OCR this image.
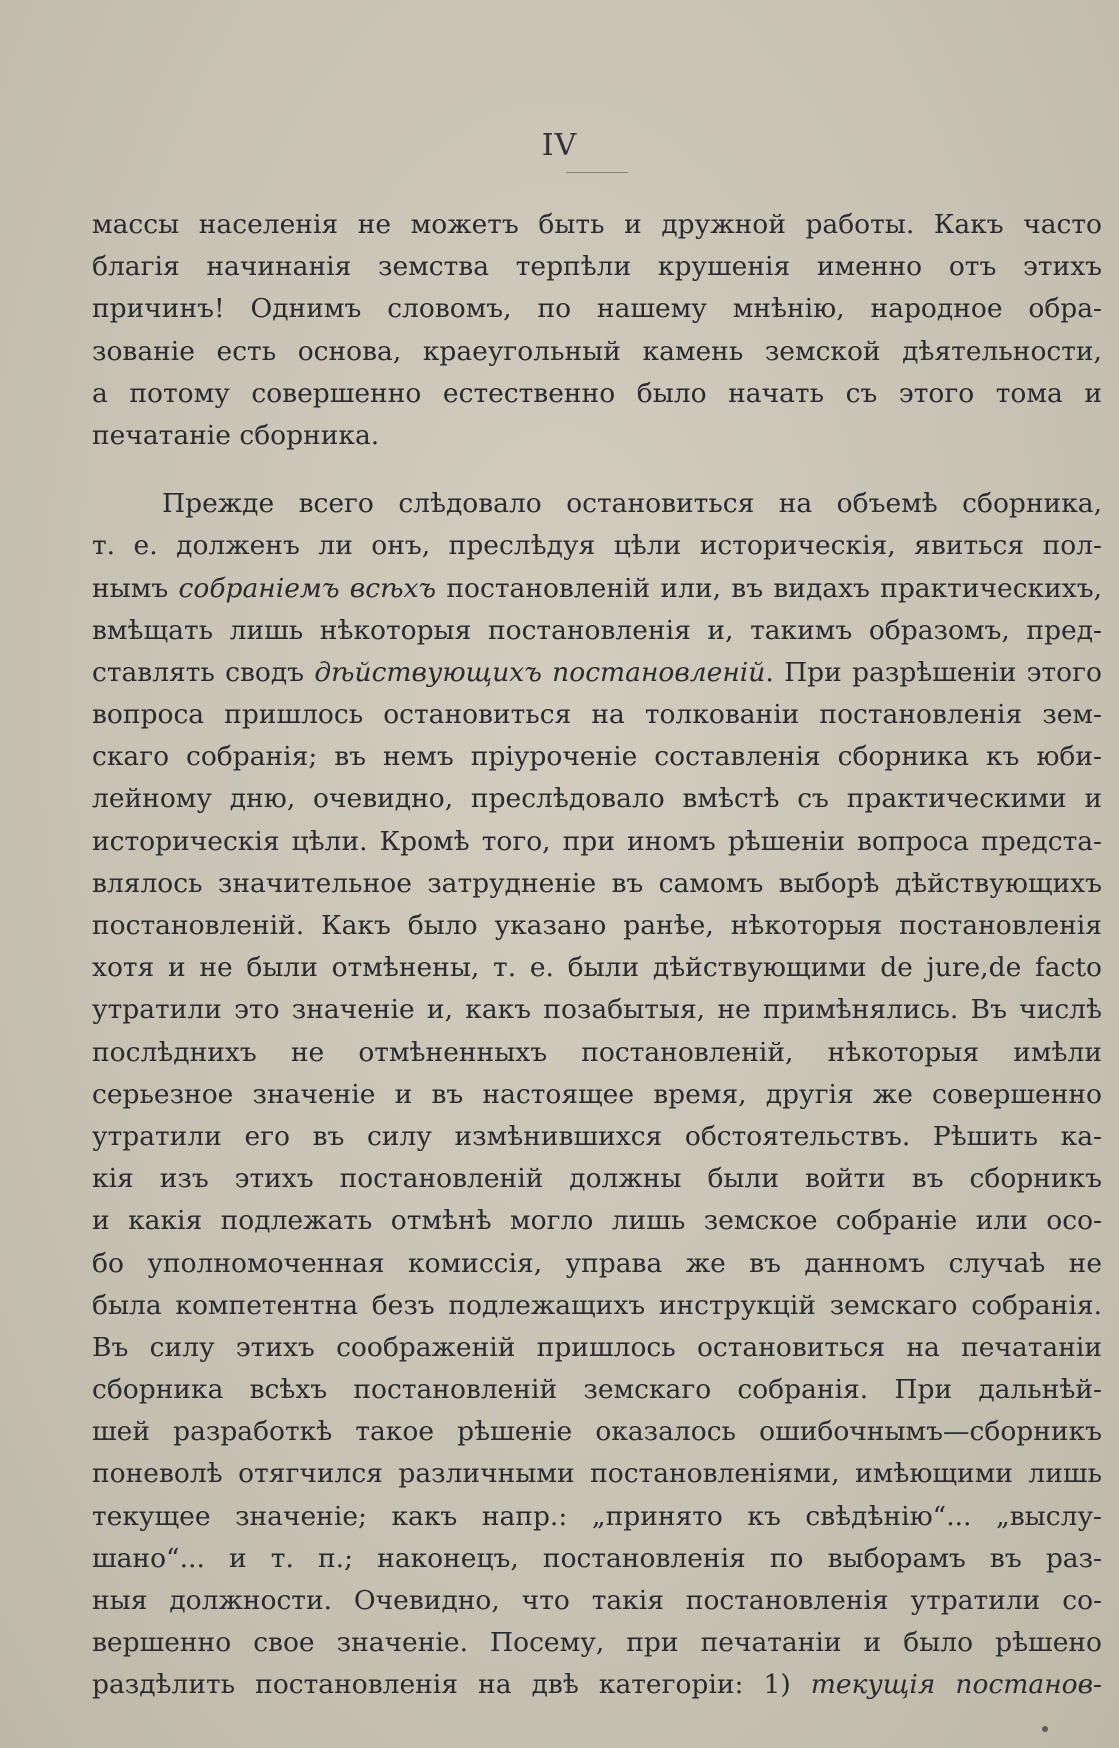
IV
массы населенія не можетъ быть и дружной работы. Какъ часто
благія начинанія земства терпѣли крушенія именно отъ этихъ
причинъ! Однимъ словомъ, по нашему мнѣнію, народное обра-
зованіе есть основа, краеугольный камень земской дѣятельности,
а потому совершенно естественно было начать съ этого тома и
печатаніе сборника.
Прежде всего слѣдовало остановиться на объемѣ сборника,
т. е. долженъ ли онъ, преслѣдуя цѣли историческія, явиться пол-
нымъ собраніемъ всѣхъ постановленій или, въ видахъ практическихъ,
вмѣщать лишь нѣкоторыя постановленія и, такимъ образомъ, пред-
ставлять сводъ дѣйствующихъ постановленій. При разрѣшеніи этого
вопроса пришлось остановиться на толкованіи постановленія зем-
скаго собранія; въ немъ пріуроченіе составленія сборника къ юби-
лейному дню, очевидно, преслѣдовало вмѣстѣ съ практическими и
историческія цѣли. Кромѣ того, при иномъ рѣшеніи вопроса предста-
влялось значительное затрудненіе въ самомъ выборѣ дѣйствующихъ
постановленій. Какъ было указано ранѣе, нѣкоторыя постановленія
хотя и не были отмѣнены, т. е. были дѣйствующими de jure,de facto
утратили это значеніе и, какъ позабытыя, не примѣнялись. Въ числѣ
послѣднихъ не отмѣненныхъ постановленій, нѣкоторыя имѣли
серьезное значеніе и въ настоящее время, другія же совершенно
утратили его въ силу измѣнившихся обстоятельствъ. Рѣшить ка-
кія изъ этихъ постановленій должны были войти въ сборникъ
и какія подлежать отмѣнѣ могло лишь земское собраніе или осо-
бо уполномоченная комиссія, управа же въ данномъ случаѣ не
была компетентна безъ подлежащихъ инструкцій земскаго собранія.
Въ силу этихъ соображеній пришлось остановиться на печатаніи
сборника всѣхъ постановленій земскаго собранія. При дальнѣй-
шей разработкѣ такое рѣшеніе оказалось ошибочнымъ—сборникъ
поневолѣ отягчился различными постановленіями, имѣющими лишь
текущее значеніе; какъ напр.: „принято къ свѣдѣнію“... „выслу-
шано“... и т. п.; наконецъ, постановленія по выборамъ въ раз-
ныя должности. Очевидно, что такія постановленія утратили со-
вершенно свое значеніе. Посему, при печатаніи и было рѣшено
раздѣлить постановленія на двѣ категоріи: 1) текущія постанов-
